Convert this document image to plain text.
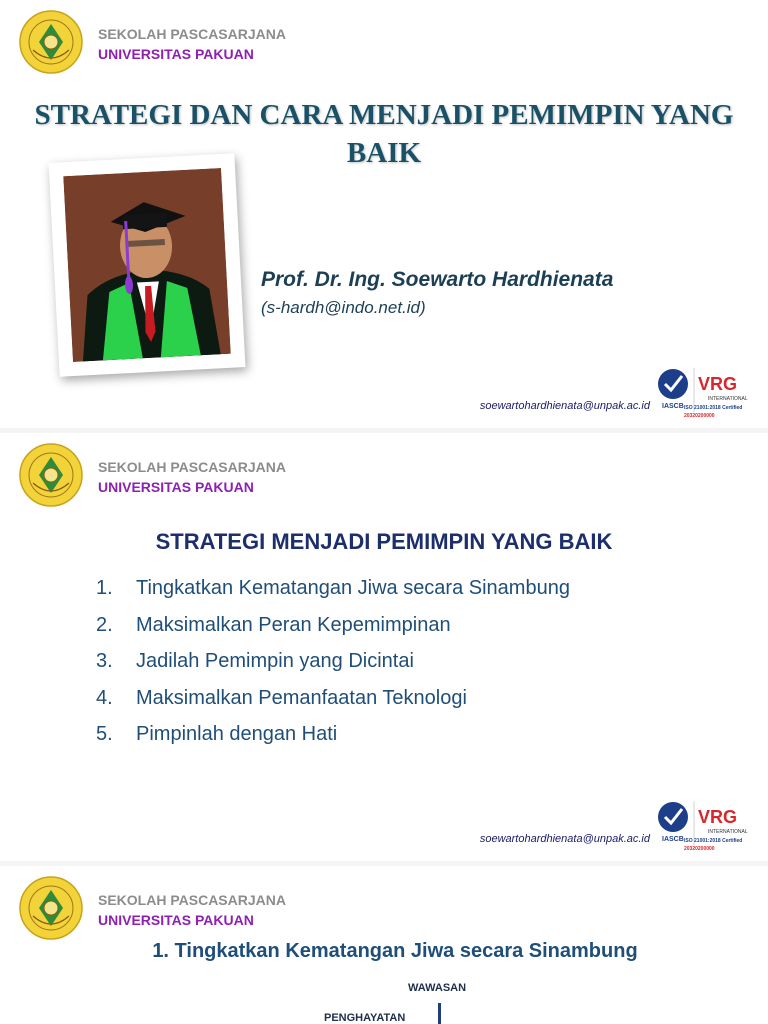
SEKOLAH PASCASARJANA
UNIVERSITAS PAKUAN
STRATEGI DAN CARA MENJADI PEMIMPIN YANG BAIK
Prof. Dr. Ing. Soewarto Hardhienata
(s-hardh@indo.net.id)
IASCB
VRG
INTERNATIONAL
ISO 21001:2018 Certified
20320200000
soewartohardhienata@unpak.ac.id
SEKOLAH PASCASARJANA
UNIVERSITAS PAKUAN
STRATEGI MENJADI PEMIMPIN YANG BAIK
1. Tingkatkan Kematangan Jiwa secara Sinambung
2. Maksimalkan Peran Kepemimpinan
3. Jadilah Pemimpin yang Dicintai
4. Maksimalkan Pemanfaatan Teknologi
5. Pimpinlah dengan Hati
IASCB
VRG
INTERNATIONAL
ISO 21001:2018 Certified
20320200000
soewartohardhienata@unpak.ac.id
SEKOLAH PASCASARJANA
UNIVERSITAS PAKUAN
1. Tingkatkan Kematangan Jiwa secara Sinambung
WAWASAN
PENGHAYATAN
